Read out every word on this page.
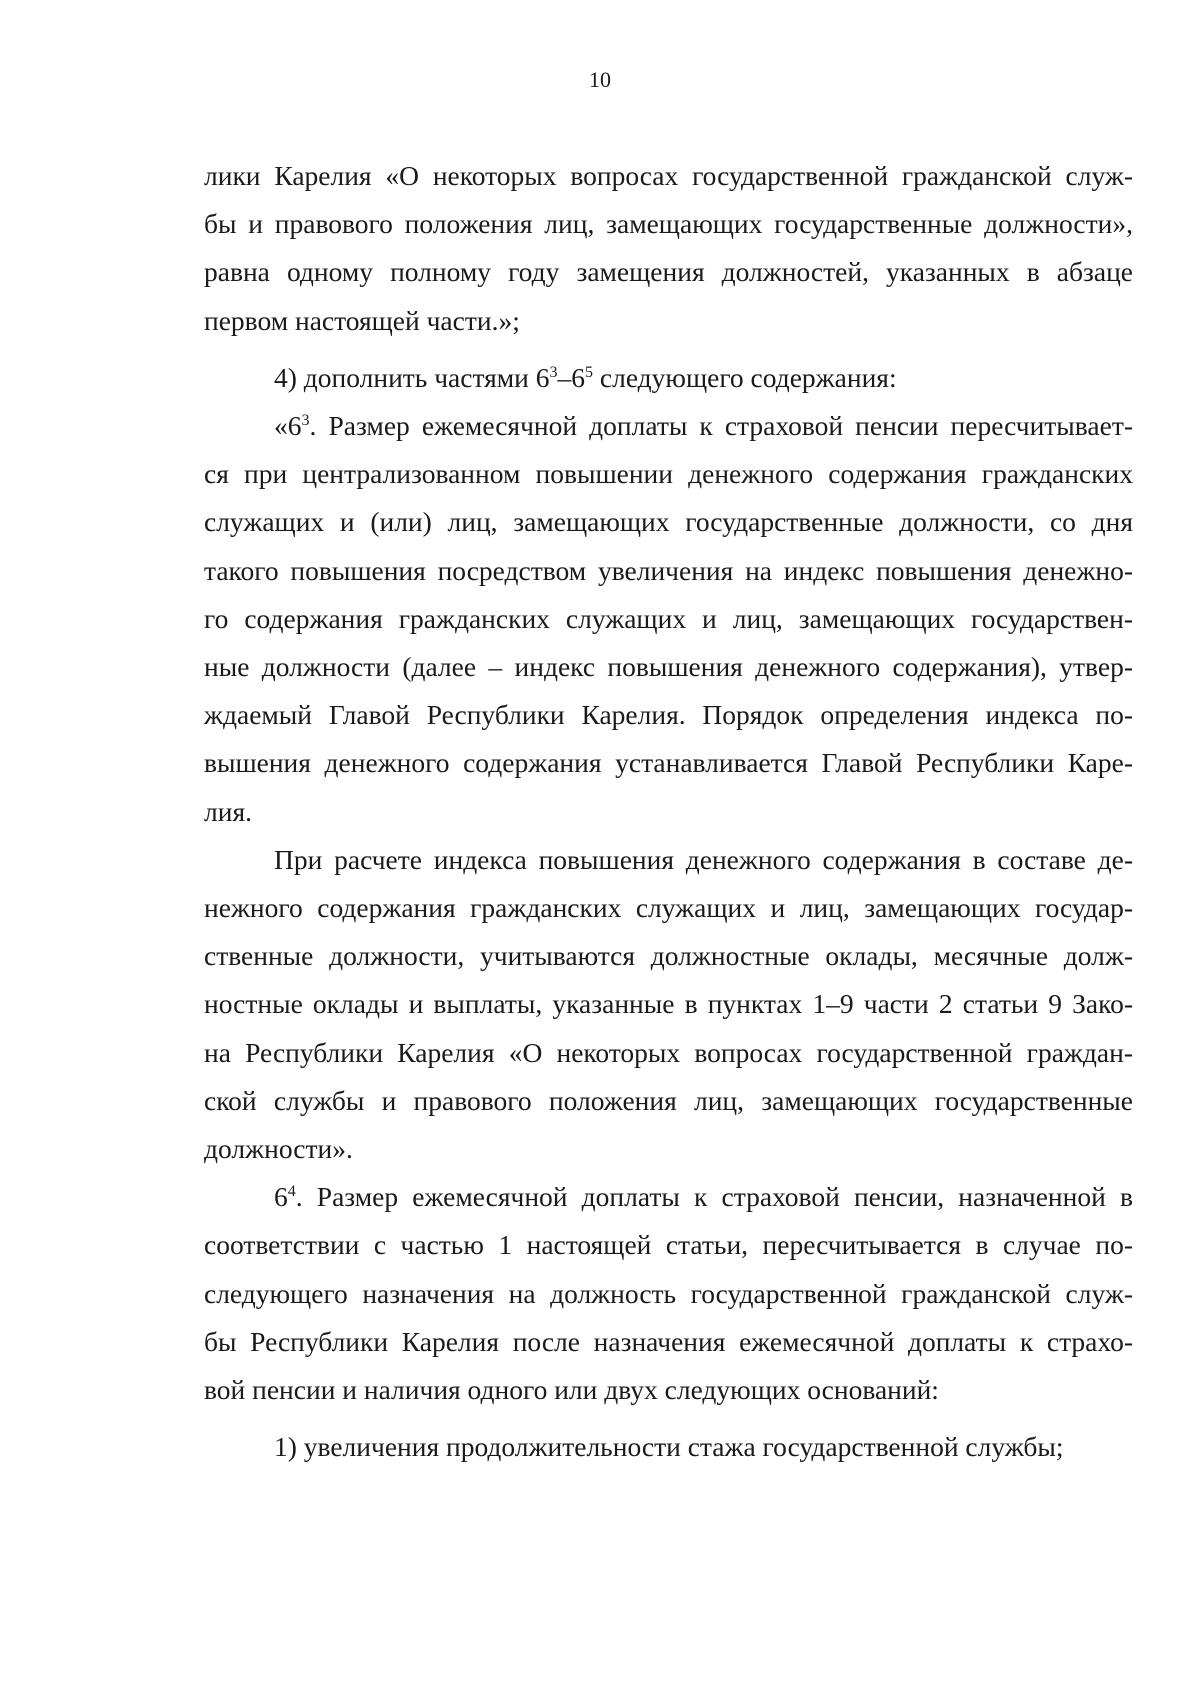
10
лики Карелия «О некоторых вопросах государственной гражданской служ-
бы и правового положения лиц, замещающих государственные должности»,
равна одному полному году замещения должностей, указанных в абзаце
первом настоящей части.»;
4) дополнить частями $6^3-6^5$ следующего содержания:
«$6^3$. Размер ежемесячной доплаты к страховой пенсии пересчитывает-
ся при централизованном повышении денежного содержания гражданских
служащих и (или) лиц, замещающих государственные должности, со дня
такого повышения посредством увеличения на индекс повышения денежно-
го содержания гражданских служащих и лиц, замещающих государствен-
ные должности (далее – индекс повышения денежного содержания), утвер-
ждаемый Главой Республики Карелия. Порядок определения индекса по-
вышения денежного содержания устанавливается Главой Республики Каре-
лия.
При расчете индекса повышения денежного содержания в составе де-
нежного содержания гражданских служащих и лиц, замещающих государ-
ственные должности, учитываются должностные оклады, месячные долж-
ностные оклады и выплаты, указанные в пунктах 1–9 части 2 статьи 9 Зако-
на Республики Карелия «О некоторых вопросах государственной граждан-
ской службы и правового положения лиц, замещающих государственные
должности».
$6^4$. Размер ежемесячной доплаты к страховой пенсии, назначенной в
соответствии с частью 1 настоящей статьи, пересчитывается в случае по-
следующего назначения на должность государственной гражданской служ-
бы Республики Карелия после назначения ежемесячной доплаты к страхо-
вой пенсии и наличия одного или двух следующих оснований:
1) увеличения продолжительности стажа государственной службы;
